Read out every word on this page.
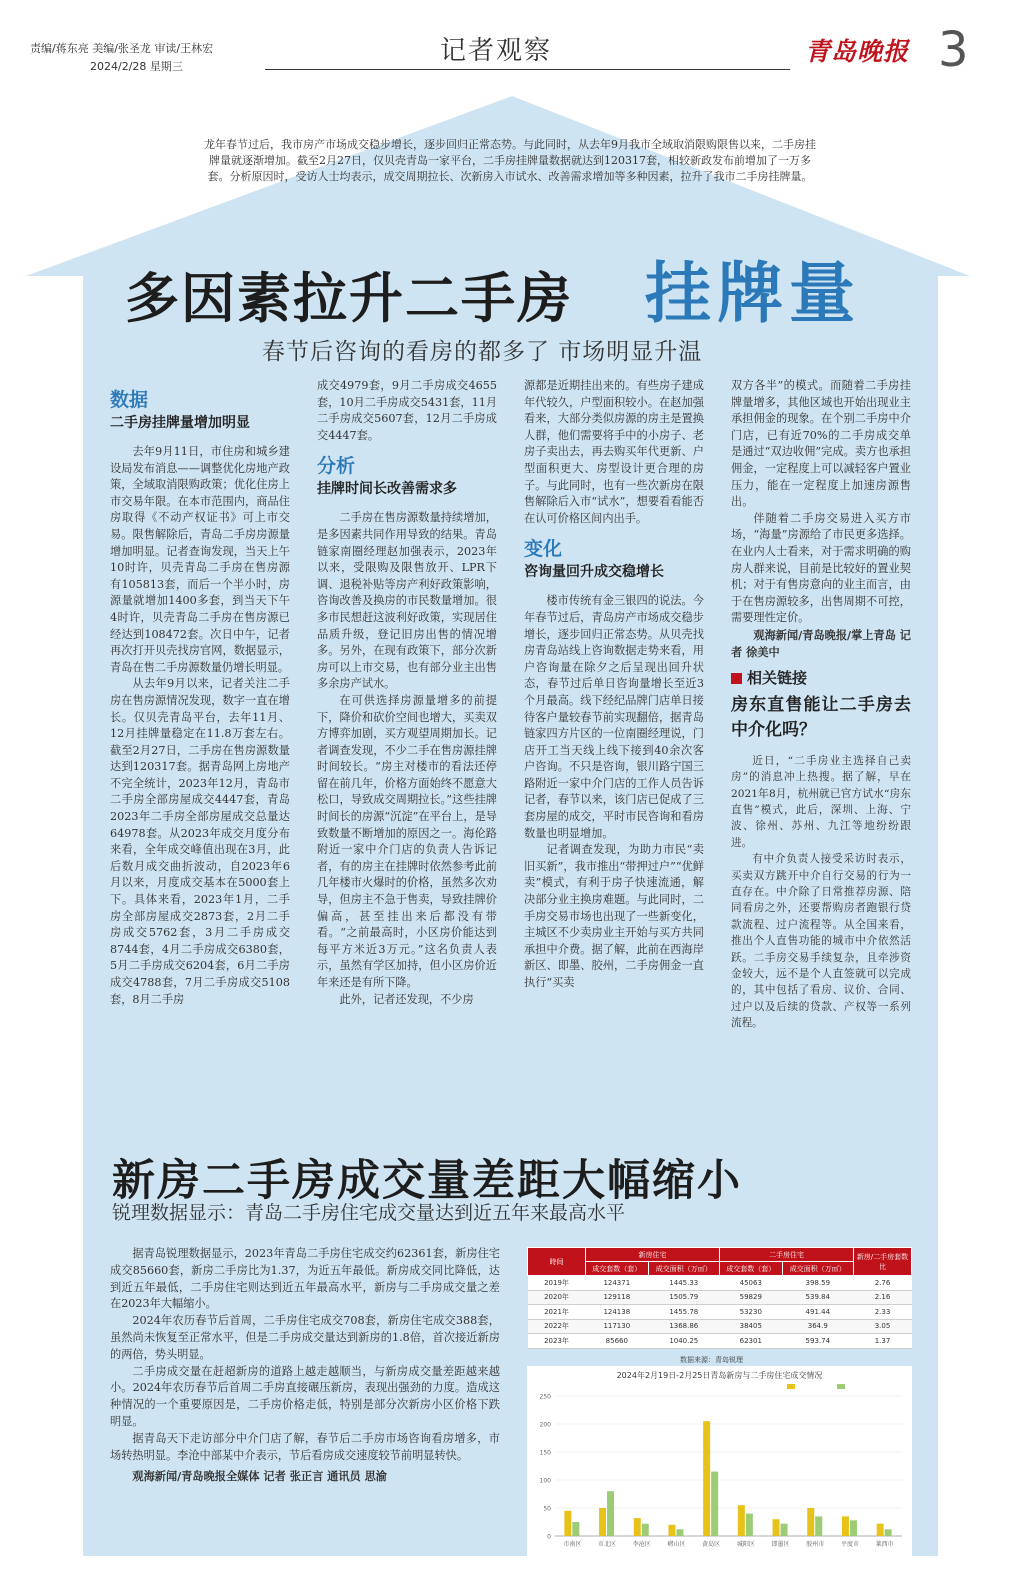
责编/蒋东亮 美编/张圣龙 审读/王林宏
2024/2/28 星期三
记者观察	青岛晚报 3
龙年春节过后，我市房产市场成交稳步增长，逐步回归正常态势。与此同时，从去年9月我市全域取消限购限售以来，二手房挂牌量就逐渐增加。截至2月27日，仅贝壳青岛一家平台，二手房挂牌量数据就达到120317套，相较新政发布前增加了一万多套。分析原因时，受访人士均表示，成交周期拉长、次新房入市试水、改善需求增加等多种因素，拉升了我市二手房挂牌量。
多因素拉升二手房 挂牌量
春节后咨询的看房的都多了 市场明显升温
数据
二手房挂牌量增加明显

去年9月11日，市住房和城乡建设局发布消息——调整优化房地产政策，全域取消限购政策；优化住房上市交易年限。在本市范围内，商品住房取得《不动产权证书》可上市交易。限售解除后，青岛二手房房源量增加明显。记者查询发现，当天上午10时许，贝壳青岛二手房在售房源有105813套，而后一个半小时，房源量就增加1400多套，到当天下午4时许，贝壳青岛二手房在售房源已经达到108472套。次日中午，记者再次打开贝壳找房官网，数据显示，青岛在售二手房源数量仍增长明显。

从去年9月以来，记者关注二手房在售房源情况发现，数字一直在增长。仅贝壳青岛平台，去年11月、12月挂牌量稳定在11.8万套左右。截至2月27日，二手房在售房源数量达到120317套。据青岛网上房地产不完全统计，2023年12月，青岛市二手房全部房屋成交4447套，青岛2023年二手房全部房屋成交总量达64978套。从2023年成交月度分布来看，全年成交峰值出现在3月，此后数月成交曲折波动，自2023年6月以来，月度成交基本在5000套上下。具体来看，2023年1月，二手房全部房屋成交2873套，2月二手房成交5762套，3月二手房成交8744套，4月二手房成交6380套，5月二手房成交6204套，6月二手房成交4788套，7月二手房成交5108套，8月二手房

成交4979套，9月二手房成交4655套，10月二手房成交5431套，11月二手房成交5607套，12月二手房成交4447套。

分析
挂牌时间长改善需求多

二手房在售房源数量持续增加，是多因素共同作用导致的结果。青岛链家南圈经理赵加强表示，2023年以来，受限购及限售放开、LPR下调、退税补贴等房产利好政策影响，咨询改善及换房的市民数量增加。很多市民想赶这波利好政策，实现居住品质升级，登记旧房出售的情况增多。另外，在现有政策下，部分次新房可以上市交易，也有部分业主出售多余房产试水。

在可供选择房源量增多的前提下，降价和砍价空间也增大，买卖双方博弈加剧，买方观望周期加长。记者调查发现，不少二手在售房源挂牌时间较长。“房主对楼市的看法还停留在前几年，价格方面始终不愿意大松口，导致成交周期拉长。”这些挂牌时间长的房源“沉淀”在平台上，是导致数量不断增加的原因之一。海伦路附近一家中介门店的负责人告诉记者，有的房主在挂牌时依然参考此前几年楼市火爆时的价格，虽然多次劝导，但房主不急于售卖，导致挂牌价偏高，甚至挂出来后都没有带看。“之前最高时，小区房价能达到每平方米近3万元。”这名负责人表示，虽然有学区加持，但小区房价近年来还是有所下降。

此外，记者还发现，不少房

源都是近期挂出来的。有些房子建成年代较久，户型面积较小。在赵加强看来，大部分类似房源的房主是置换人群，他们需要将手中的小房子、老房子卖出去，再去购买年代更新、户型面积更大、房型设计更合理的房子。与此同时，也有一些次新房在限售解除后入市“试水”，想要看看能否在认可价格区间内出手。

变化
咨询量回升成交稳增长

楼市传统有金三银四的说法。今年春节过后，青岛房产市场成交稳步增长，逐步回归正常态势。从贝壳找房青岛站线上咨询数据走势来看，用户咨询量在除夕之后呈现出回升状态，春节过后单日咨询量增长至近3个月最高。线下经纪品牌门店单日接待客户量较春节前实现翻倍，据青岛链家四方片区的一位南圈经理说，门店开工当天线上线下接到40余次客户咨询。不只是咨询，银川路宁国三路附近一家中介门店的工作人员告诉记者，春节以来，该门店已促成了三套房屋的成交，平时市民咨询和看房数量也明显增加。

记者调查发现，为助力市民“卖旧买新”，我市推出“带押过户”“优鲜卖”模式，有利于房子快速流通，解决部分业主换房难题。与此同时，二手房交易市场也出现了一些新变化，主城区不少卖房业主开始与买方共同承担中介费。据了解，此前在西海岸新区、即墨、胶州，二手房佣金一直执行“买卖

双方各半”的模式。而随着二手房挂牌量增多，其他区域也开始出现业主承担佣金的现象。在个别二手房中介门店，已有近70%的二手房成交单是通过“双边收佣”完成。卖方也承担佣金，一定程度上可以减轻客户置业压力，能在一定程度上加速房源售出。

伴随着二手房交易进入买方市场，“海量”房源给了市民更多选择。在业内人士看来，对于需求明确的购房人群来说，目前是比较好的置业契机；对于有售房意向的业主而言，由于在售房源较多，出售周期不可控，需要理性定价。

观海新闻/青岛晚报/掌上青岛 记者 徐美中

相关链接
房东直售能让二手房去中介化吗？

近日，“二手房业主选择自己卖房”的消息冲上热搜。据了解，早在2021年8月，杭州就已官方试水“房东直售”模式，此后，深圳、上海、宁波、徐州、苏州、九江等地纷纷跟进。

有中介负责人接受采访时表示，买卖双方跳开中介自行交易的行为一直存在。中介除了日常推荐房源、陪同看房之外，还要帮购房者跑银行贷款流程、过户流程等。从全国来看，推出个人直售功能的城市中介依然活跃。二手房交易手续复杂，且牵涉资金较大，远不是个人直签就可以完成的，其中包括了看房、议价、合同、过户以及后续的贷款、产权等一系列流程。

新房二手房成交量差距大幅缩小
锐理数据显示：青岛二手房住宅成交量达到近五年来最高水平

据青岛锐理数据显示，2023年青岛二手房住宅成交约62361套，新房住宅成交85660套，新房二手房比为1.37，为近五年最低。新房成交同比降低，达到近五年最低，二手房住宅则达到近五年最高水平，新房与二手房成交量之差在2023年大幅缩小。

2024年农历春节后首周，二手房住宅成交708套，新房住宅成交388套，虽然尚未恢复至正常水平，但是二手房成交量达到新房的1.8倍，首次接近新房的两倍，势头明显。

二手房成交量在赶超新房的道路上越走越顺当，与新房成交量差距越来越小。2024年农历春节后首周二手房直接碾压新房，表现出强劲的力度。造成这种情况的一个重要原因是，二手房价格走低，特别是部分次新房小区价格下跌明显。

据青岛天下走访部分中介门店了解，春节后二手房市场咨询看房增多，市场转热明显。李沧中部某中介表示，节后看房成交速度较节前明显转快。

观海新闻/青岛晚报全媒体 记者 张正言 通讯员 思渝

時间	新房住宅		二手房住宅		新房/二手房套数比
	成交套数（套）	成交面积（万㎡）	成交套数（套）	成交面积（万㎡）	
2019年	124371	1445.33	45063	398.59	2.76
2020年	129118	1505.79	59829	539.84	2.16
2021年	124138	1455.78	53230	491.44	2.33
2022年	117130	1368.86	38405	364.9	3.05
2023年	85660	1040.25	62301	593.74	1.37
数据来源：青岛锐理
2024年2月19日-2月25日青岛新房与二手房住宅成交情况
0
50
100
150
200
250
市南区	市北区	李沧区	崂山区	黄岛区	城阳区	即墨区	胶州市	平度市	莱西市
